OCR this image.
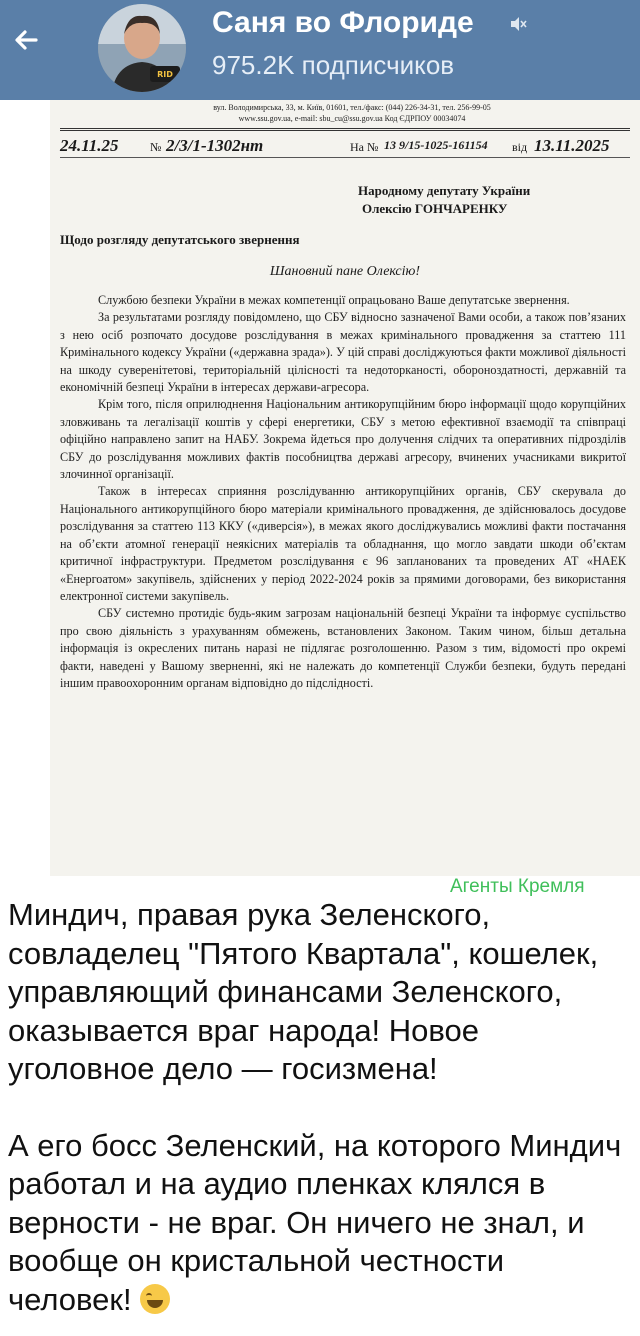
RID
Саня во Флориде
975.2K подписчиков
вул. Володимирська, 33, м. Київ, 01601, тел./факс: (044) 226-34-31, тел. 256-99-05
www.ssu.gov.ua, e-mail: sbu_cu@ssu.gov.ua Код ЄДРПОУ 00034074
24.11.25	№ 2/3/1-1302нт	На № 13 9/15-1025-161154 від 13.11.2025
Народному депутату України
Олексію ГОНЧАРЕНКУ
Щодо розгляду депутатського звернення
Шановний пане Олексію!

Службою безпеки України в межах компетенції опрацьовано Ваше депутатське звернення.

За результатами розгляду повідомлено, що СБУ відносно зазначеної Вами особи, а також пов’язаних з нею осіб розпочато досудове розслідування в межах кримінального провадження за статтею 111 Кримінального кодексу України («державна зрада»). У цій справі досліджуються факти можливої діяльності на шкоду суверенітетові, територіальній цілісності та недоторканості, обороноздатності, державній та економічній безпеці України в інтересах держави-агресора.

Крім того, після оприлюднення Національним антикорупційним бюро інформації щодо корупційних зловживань та легалізації коштів у сфері енергетики, СБУ з метою ефективної взаємодії та співпраці офіційно направлено запит на НАБУ. Зокрема йдеться про долучення слідчих та оперативних підрозділів СБУ до розслідування можливих фактів пособництва державі агресору, вчинених учасниками викритої злочинної організації.

Також в інтересах сприяння розслідуванню антикорупційних органів, СБУ скерувала до Національного антикорупційного бюро матеріали кримінального провадження, де здійснювалось досудове розслідування за статтею 113 ККУ («диверсія»), в межах якого досліджувались можливі факти постачання на об’єкти атомної генерації неякісних матеріалів та обладнання, що могло завдати шкоди об’єктам критичної інфраструктури. Предметом розслідування є 96 запланованих та проведених АТ «НАЕК «Енергоатом» закупівель, здійснених у період 2022-2024 років за прямими договорами, без використання електронної системи закупівель.

СБУ системно протидіє будь-яким загрозам національній безпеці України та інформує суспільство про свою діяльність з урахуванням обмежень, встановлених Законом. Таким чином, більш детальна інформація із окреслених питань наразі не підлягає розголошенню. Разом з тим, відомості про окремі факти, наведені у Вашому зверненні, які не належать до компетенції Служби безпеки, будуть передані іншим правоохоронним органам відповідно до підслідності.

Агенты Кремля

Миндич, правая рука Зеленского, совладелец "Пятого Квартала", кошелек, управляющий финансами Зеленского, оказывается враг народа! Новое уголовное дело — госизмена!

А его босс Зеленский, на которого Миндич работал и на аудио пленках клялся в верности - не враг. Он ничего не знал, и вообще он кристальной честности человек!
